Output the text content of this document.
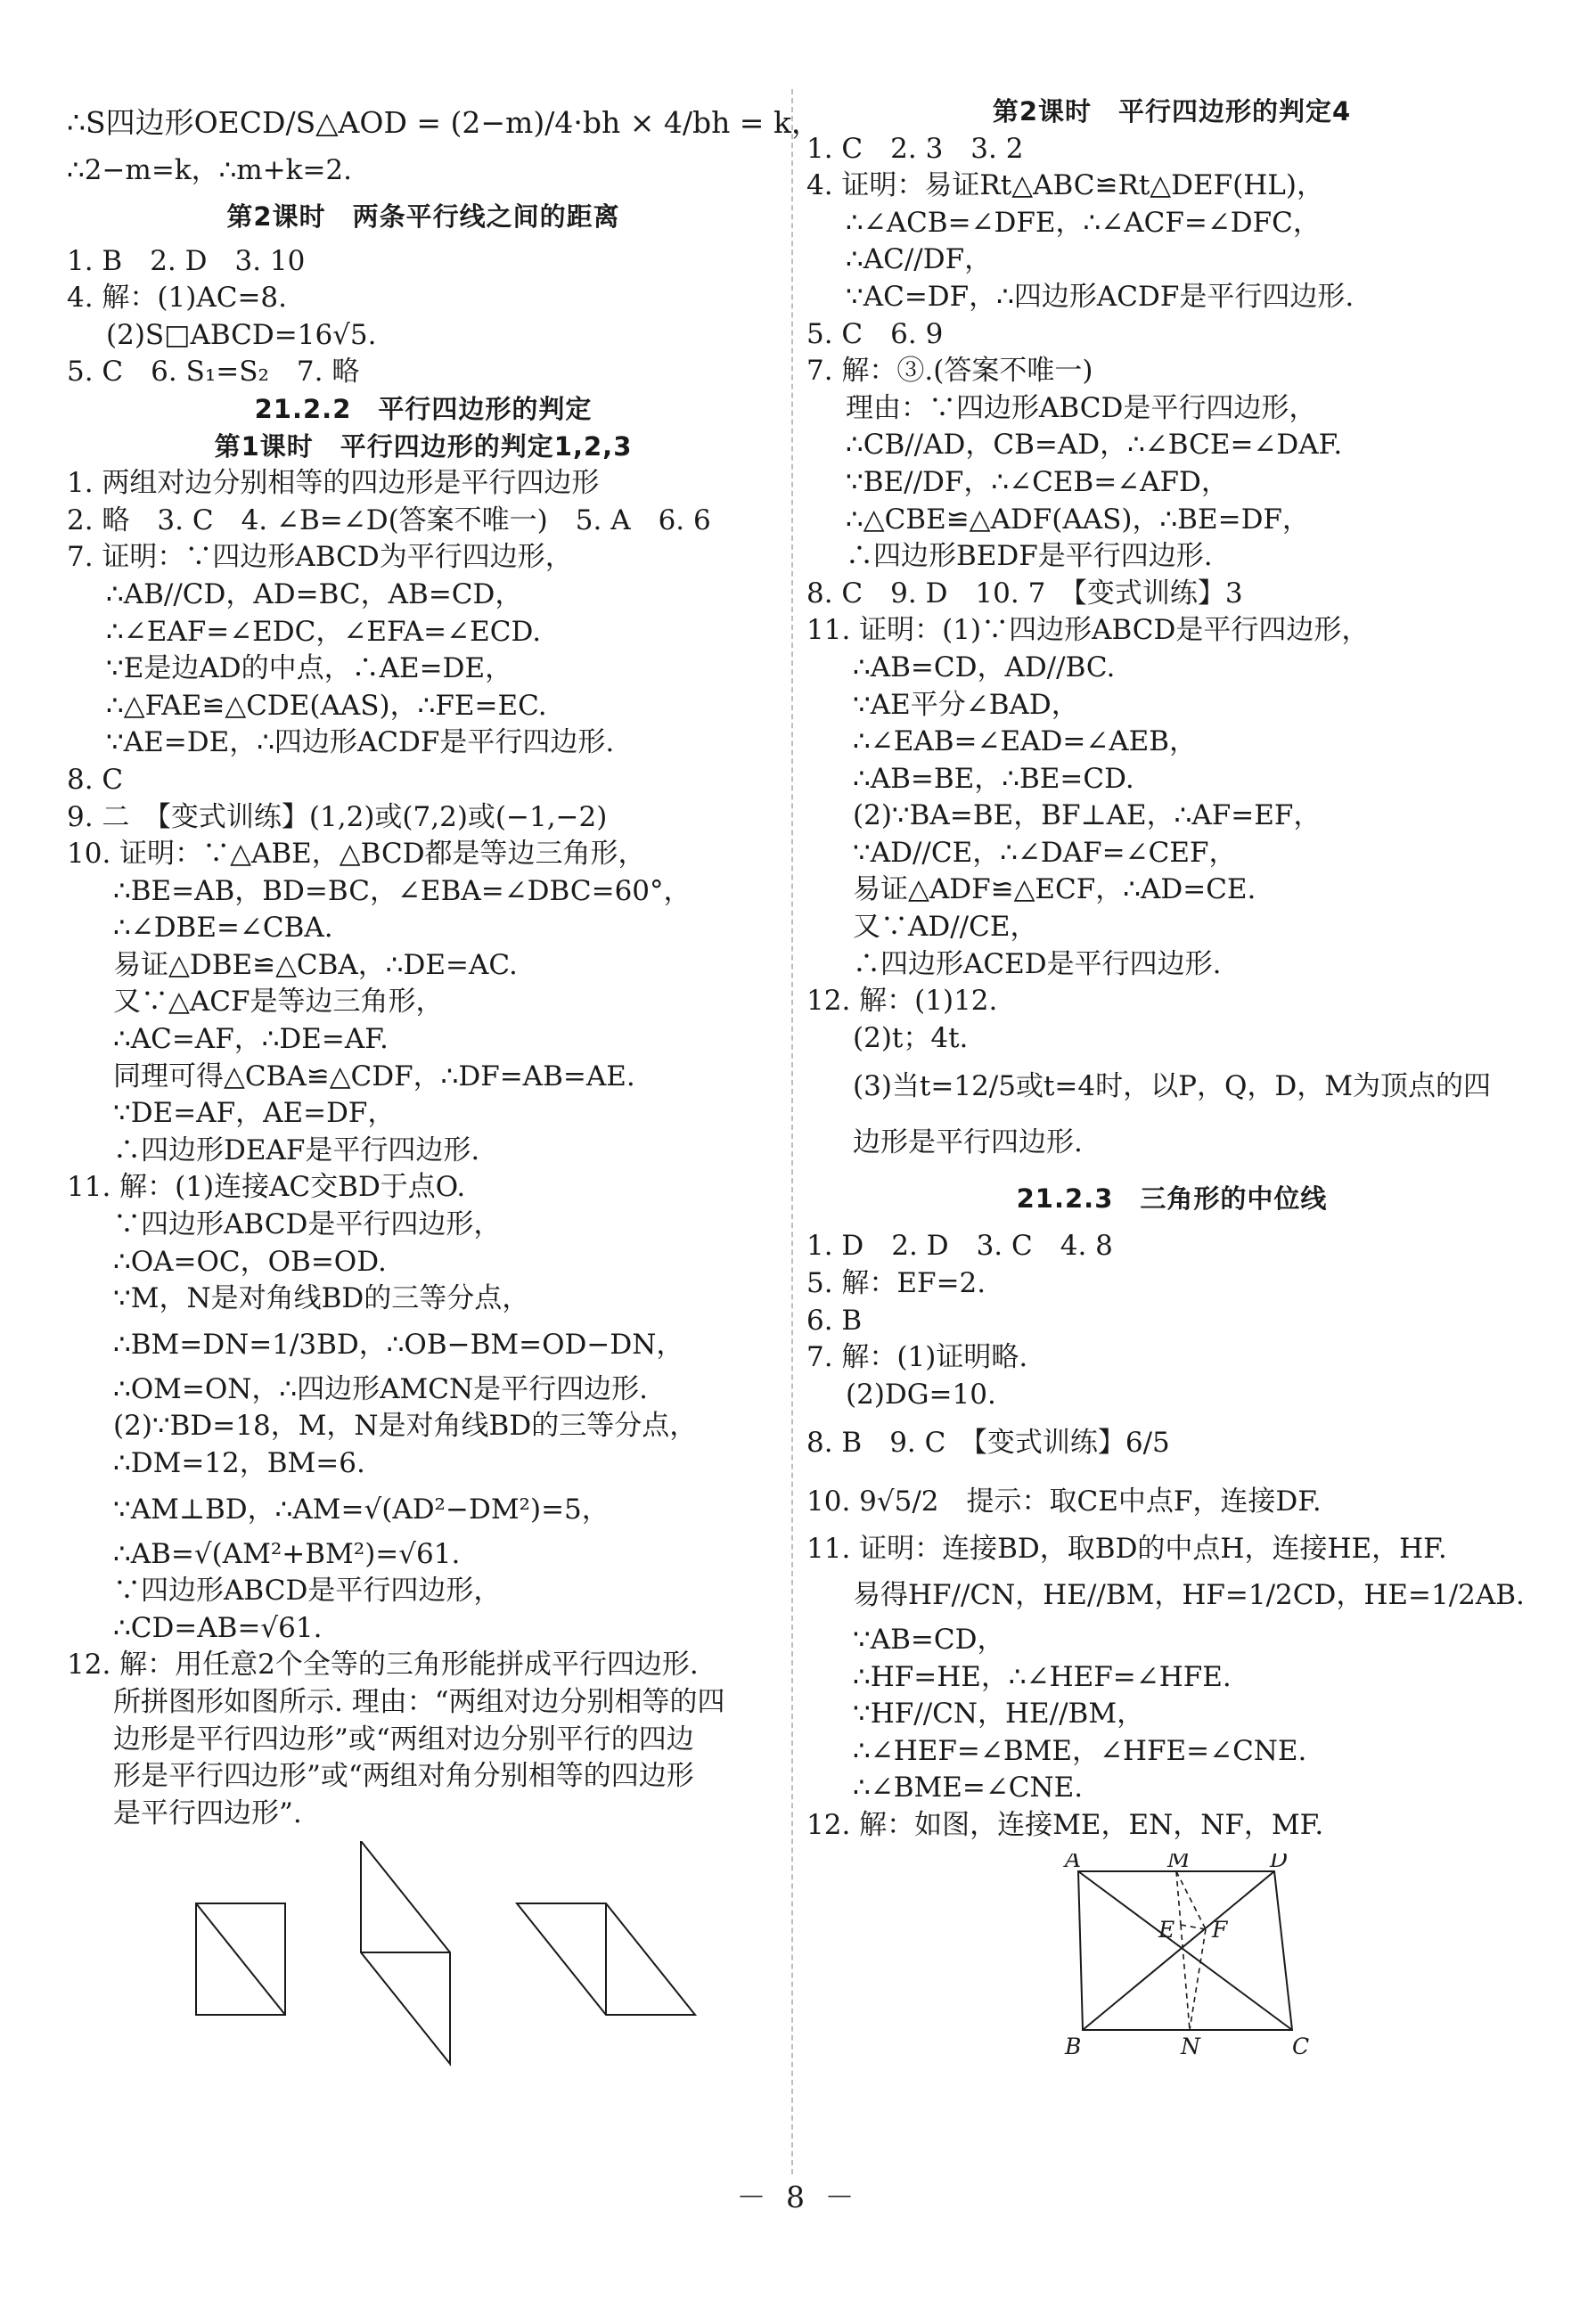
∴S四边形OECD/S△AOD = (2−m)/4·bh × 4/bh = k，
∴2−m=k，∴m+k=2.
第2课时　两条平行线之间的距离
1. B　2. D　3. 10
4. 解：(1)AC=8.
(2)S□ABCD=16√5.
5. C　6. S₁=S₂　7. 略
21.2.2　平行四边形的判定
第1课时　平行四边形的判定1,2,3
1. 两组对边分别相等的四边形是平行四边形
2. 略　3. C　4. ∠B=∠D(答案不唯一)　5. A　6. 6
7. 证明：∵四边形ABCD为平行四边形，
∴AB//CD，AD=BC，AB=CD，
∴∠EAF=∠EDC，∠EFA=∠ECD.
∵E是边AD的中点，∴AE=DE，
∴△FAE≌△CDE(AAS)，∴FE=EC.
∵AE=DE，∴四边形ACDF是平行四边形.
8. C
9. 二　【变式训练】(1,2)或(7,2)或(−1,−2)
10. 证明：∵△ABE，△BCD都是等边三角形，
∴BE=AB，BD=BC，∠EBA=∠DBC=60°，
∴∠DBE=∠CBA.
易证△DBE≌△CBA，∴DE=AC.
又∵△ACF是等边三角形，
∴AC=AF，∴DE=AF.
同理可得△CBA≌△CDF，∴DF=AB=AE.
∵DE=AF，AE=DF，
∴四边形DEAF是平行四边形.
11. 解：(1)连接AC交BD于点O.
∵四边形ABCD是平行四边形，
∴OA=OC，OB=OD.
∵M，N是对角线BD的三等分点，
∴BM=DN=1/3BD，∴OB−BM=OD−DN，
∴OM=ON，∴四边形AMCN是平行四边形.
(2)∵BD=18，M，N是对角线BD的三等分点，
∴DM=12，BM=6.
∵AM⊥BD，∴AM=√(AD²−DM²)=5，
∴AB=√(AM²+BM²)=√61.
∵四边形ABCD是平行四边形，
∴CD=AB=√61.
12. 解：用任意2个全等的三角形能拼成平行四边形.
所拼图形如图所示. 理由：“两组对边分别相等的四
边形是平行四边形”或“两组对边分别平行的四边
形是平行四边形”或“两组对角分别相等的四边形
是平行四边形”.
第2课时　平行四边形的判定4
1. C　2. 3　3. 2
4. 证明：易证Rt△ABC≌Rt△DEF(HL)，
∴∠ACB=∠DFE，∴∠ACF=∠DFC，
∴AC//DF，
∵AC=DF，∴四边形ACDF是平行四边形.
5. C　6. 9
7. 解：③.(答案不唯一)
理由：∵四边形ABCD是平行四边形，
∴CB//AD，CB=AD，∴∠BCE=∠DAF.
∵BE//DF，∴∠CEB=∠AFD，
∴△CBE≌△ADF(AAS)，∴BE=DF，
∴四边形BEDF是平行四边形.
8. C　9. D　10. 7　【变式训练】3
11. 证明：(1)∵四边形ABCD是平行四边形，
∴AB=CD，AD//BC.
∵AE平分∠BAD，
∴∠EAB=∠EAD=∠AEB，
∴AB=BE，∴BE=CD.
(2)∵BA=BE，BF⊥AE，∴AF=EF，
∵AD//CE，∴∠DAF=∠CEF，
易证△ADF≌△ECF，∴AD=CE.
又∵AD//CE，
∴四边形ACED是平行四边形.
12. 解：(1)12.
(2)t；4t.
(3)当t=12/5或t=4时，以P，Q，D，M为顶点的四
边形是平行四边形.
21.2.3　三角形的中位线
1. D　2. D　3. C　4. 8
5. 解：EF=2.
6. B
7. 解：(1)证明略.
(2)DG=10.
8. B　9. C　【变式训练】6/5
10. 9√5/2　提示：取CE中点F，连接DF.
11. 证明：连接BD，取BD的中点H，连接HE，HF.
易得HF//CN，HE//BM，HF=1/2CD，HE=1/2AB.
∵AB=CD，
∴HF=HE，∴∠HEF=∠HFE.
∵HF//CN，HE//BM，
∴∠HEF=∠BME，∠HFE=∠CNE.
∴∠BME=∠CNE.
12. 解：如图，连接ME，EN，NF，MF.
A	M	D
E F
B	N	C
－ 8 －
